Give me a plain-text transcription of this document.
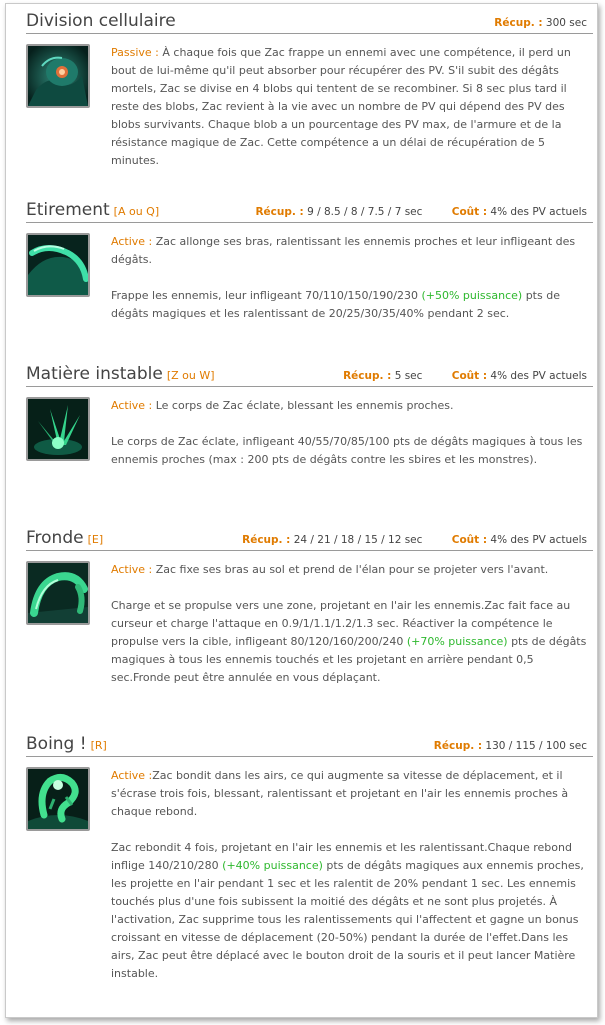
Division cellulaire	Récup. : 300 sec

Passive : À chaque fois que Zac frappe un ennemi avec une compétence, il perd un bout de lui-même qu'il peut absorber pour récupérer des PV. S'il subit des dégâts mortels, Zac se divise en 4 blobs qui tentent de se recombiner. Si 8 sec plus tard il reste des blobs, Zac revient à la vie avec un nombre de PV qui dépend des PV des blobs survivants. Chaque blob a un pourcentage des PV max, de l'armure et de la résistance magique de Zac. Cette compétence a un délai de récupération de 5 minutes.

Etirement [A ou Q]	Récup. : 9 / 8.5 / 8 / 7.5 / 7 sec	Coût : 4% des PV actuels

Active : Zac allonge ses bras, ralentissant les ennemis proches et leur infligeant des dégâts.

Frappe les ennemis, leur infligeant 70/110/150/190/230 (+50% puissance) pts de dégâts magiques et les ralentissant de 20/25/30/35/40% pendant 2 sec.

Matière instable [Z ou W]	Récup. : 5 sec	Coût : 4% des PV actuels

Active : Le corps de Zac éclate, blessant les ennemis proches.

Le corps de Zac éclate, infligeant 40/55/70/85/100 pts de dégâts magiques à tous les ennemis proches (max : 200 pts de dégâts contre les sbires et les monstres).

Fronde [E]	Récup. : 24 / 21 / 18 / 15 / 12 sec	Coût : 4% des PV actuels

Active : Zac fixe ses bras au sol et prend de l'élan pour se projeter vers l'avant.

Charge et se propulse vers une zone, projetant en l'air les ennemis.Zac fait face au curseur et charge l'attaque en 0.9/1/1.1/1.2/1.3 sec. Réactiver la compétence le propulse vers la cible, infligeant 80/120/160/200/240 (+70% puissance) pts de dégâts magiques à tous les ennemis touchés et les projetant en arrière pendant 0,5 sec.Fronde peut être annulée en vous déplaçant.

Boing ! [R]	Récup. : 130 / 115 / 100 sec

Active :Zac bondit dans les airs, ce qui augmente sa vitesse de déplacement, et il s'écrase trois fois, blessant, ralentissant et projetant en l'air les ennemis proches à chaque rebond.

Zac rebondit 4 fois, projetant en l'air les ennemis et les ralentissant.Chaque rebond inflige 140/210/280 (+40% puissance) pts de dégâts magiques aux ennemis proches, les projette en l'air pendant 1 sec et les ralentit de 20% pendant 1 sec. Les ennemis touchés plus d'une fois subissent la moitié des dégâts et ne sont plus projetés. À l'activation, Zac supprime tous les ralentissements qui l'affectent et gagne un bonus croissant en vitesse de déplacement (20-50%) pendant la durée de l'effet.Dans les airs, Zac peut être déplacé avec le bouton droit de la souris et il peut lancer Matière instable.
